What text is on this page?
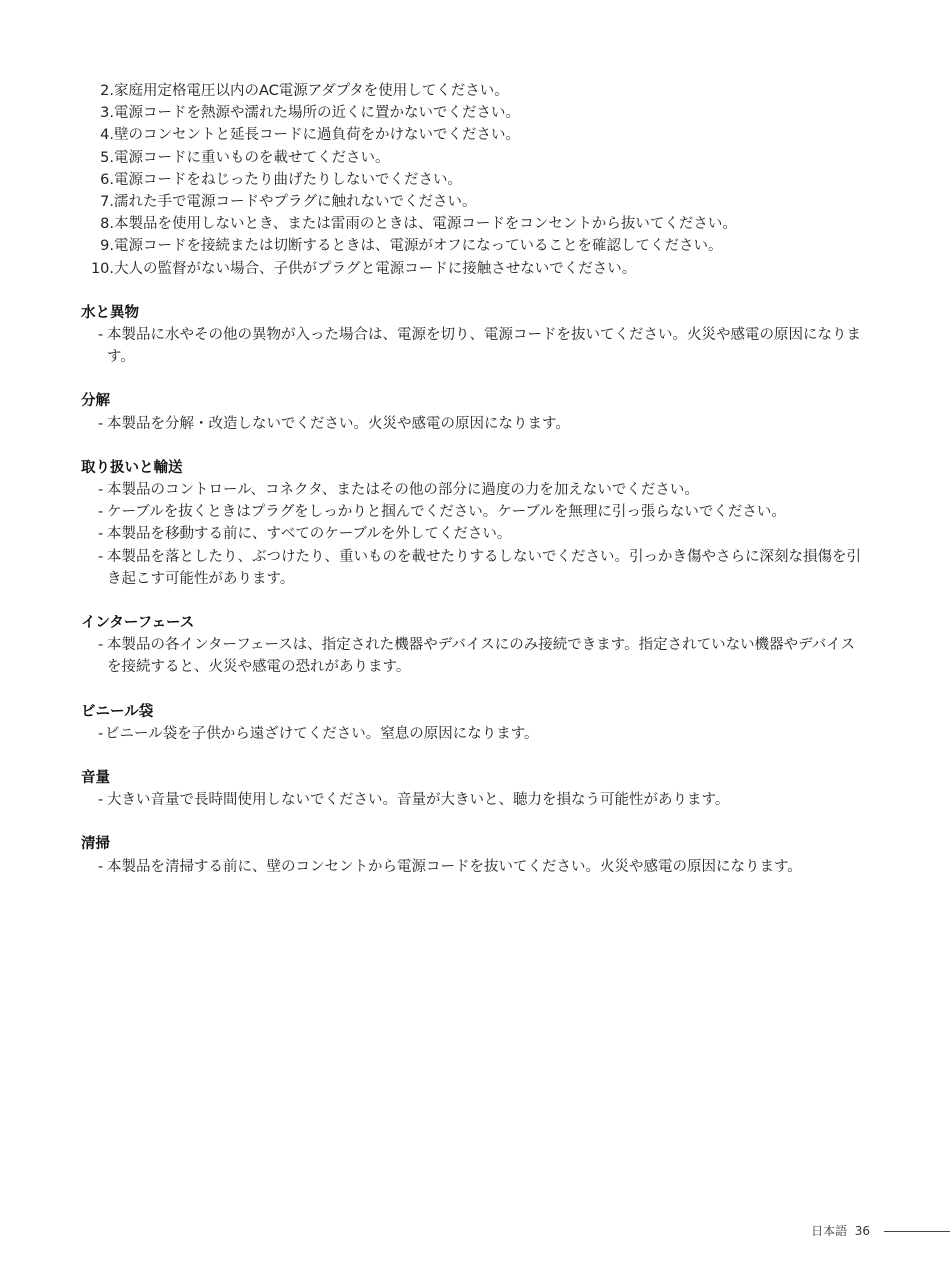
2. 家庭用定格電圧以内のAC電源アダプタを使用してください。
3. 電源コードを熱源や濡れた場所の近くに置かないでください。
4. 壁のコンセントと延長コードに過負荷をかけないでください。
5. 電源コードに重いものを載せてください。
6. 電源コードをねじったり曲げたりしないでください。
7. 濡れた手で電源コードやプラグに触れないでください。
8. 本製品を使用しないとき、または雷雨のときは、電源コードをコンセントから抜いてください。
9. 電源コードを接続または切断するときは、電源がオフになっていることを確認してください。
10. 大人の監督がない場合、子供がプラグと電源コードに接触させないでください。
水と異物
- 本製品に水やその他の異物が入った場合は、電源を切り、電源コードを抜いてください。火災や感電の原因になります。
分解
- 本製品を分解・改造しないでください。火災や感電の原因になります。
取り扱いと輸送
- 本製品のコントロール、コネクタ、またはその他の部分に過度の力を加えないでください。
- ケーブルを抜くときはプラグをしっかりと掴んでください。ケーブルを無理に引っ張らないでください。
- 本製品を移動する前に、すべてのケーブルを外してください。
- 本製品を落としたり、ぶつけたり、重いものを載せたりするしないでください。引っかき傷やさらに深刻な損傷を引き起こす可能性があります。
インターフェース
- 本製品の各インターフェースは、指定された機器やデバイスにのみ接続できます。指定されていない機器やデバイスを接続すると、火災や感電の恐れがあります。
ビニール袋
- ビニール袋を子供から遠ざけてください。窒息の原因になります。
音量
- 大きい音量で長時間使用しないでください。音量が大きいと、聴力を損なう可能性があります。
清掃
- 本製品を清掃する前に、壁のコンセントから電源コードを抜いてください。火災や感電の原因になります。
日本語 36
